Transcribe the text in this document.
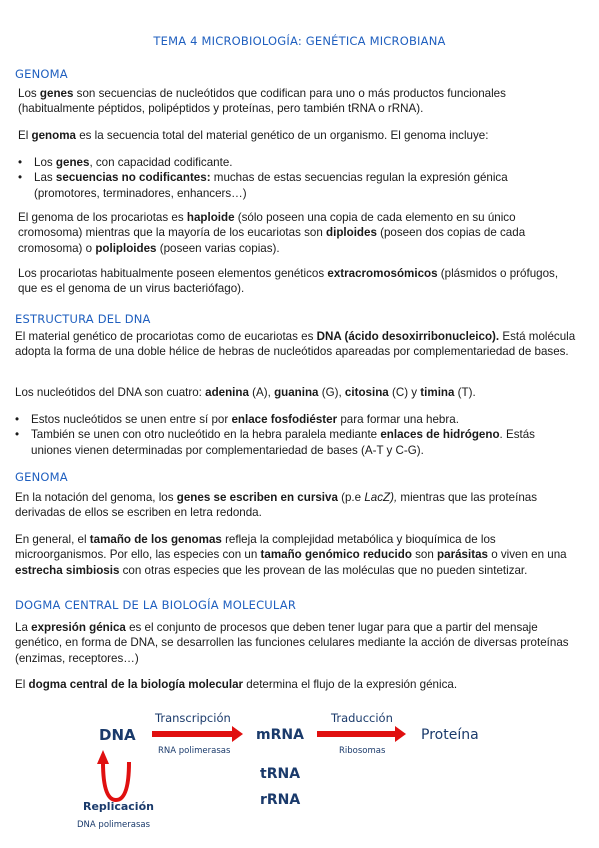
TEMA 4 MICROBIOLOGÍA: GENÉTICA MICROBIANA
GENOMA

Los genes son secuencias de nucleótidos que codifican para uno o más productos funcionales (habitualmente péptidos, polipéptidos y proteínas, pero también tRNA o rRNA).

El genoma es la secuencia total del material genético de un organismo. El genoma incluye:

• Los genes, con capacidad codificante.
• Las secuencias no codificantes: muchas de estas secuencias regulan la expresión génica (promotores, terminadores, enhancers…)

El genoma de los procariotas es haploide (sólo poseen una copia de cada elemento en su único cromosoma) mientras que la mayoría de los eucariotas son diploides (poseen dos copias de cada cromosoma) o poliploides (poseen varias copias).

Los procariotas habitualmente poseen elementos genéticos extracromosómicos (plásmidos o prófugos, que es el genoma de un virus bacteriófago).

ESTRUCTURA DEL DNA

El material genético de procariotas como de eucariotas es DNA (ácido desoxirribonucleico). Está molécula adopta la forma de una doble hélice de hebras de nucleótidos apareadas por complementariedad de bases.

Los nucleótidos del DNA son cuatro: adenina (A), guanina (G), citosina (C) y timina (T).

• Estos nucleótidos se unen entre sí por enlace fosfodiéster para formar una hebra.
• También se unen con otro nucleótido en la hebra paralela mediante enlaces de hidrógeno. Estás uniones vienen determinadas por complementariedad de bases (A-T y C-G).
GENOMA

En la notación del genoma, los genes se escriben en cursiva (p.e LacZ), mientras que las proteínas derivadas de ellos se escriben en letra redonda.

En general, el tamaño de los genomas refleja la complejidad metabólica y bioquímica de los microorganismos. Por ello, las especies con un tamaño genómico reducido son parásitas o viven en una estrecha simbiosis con otras especies que les provean de las moléculas que no pueden sintetizar.

DOGMA CENTRAL DE LA BIOLOGÍA MOLECULAR

La expresión génica es el conjunto de procesos que deben tener lugar para que a partir del mensaje genético, en forma de DNA, se desarrollen las funciones celulares mediante la acción de diversas proteínas (enzimas, receptores…)

El dogma central de la biología molecular determina el flujo de la expresión génica.

DNA
Transcripción
RNA polimerasas
mRNA
tRNA
rRNA
Traducción
Ribosomas
Proteína
Replicación
DNA polimerasas
